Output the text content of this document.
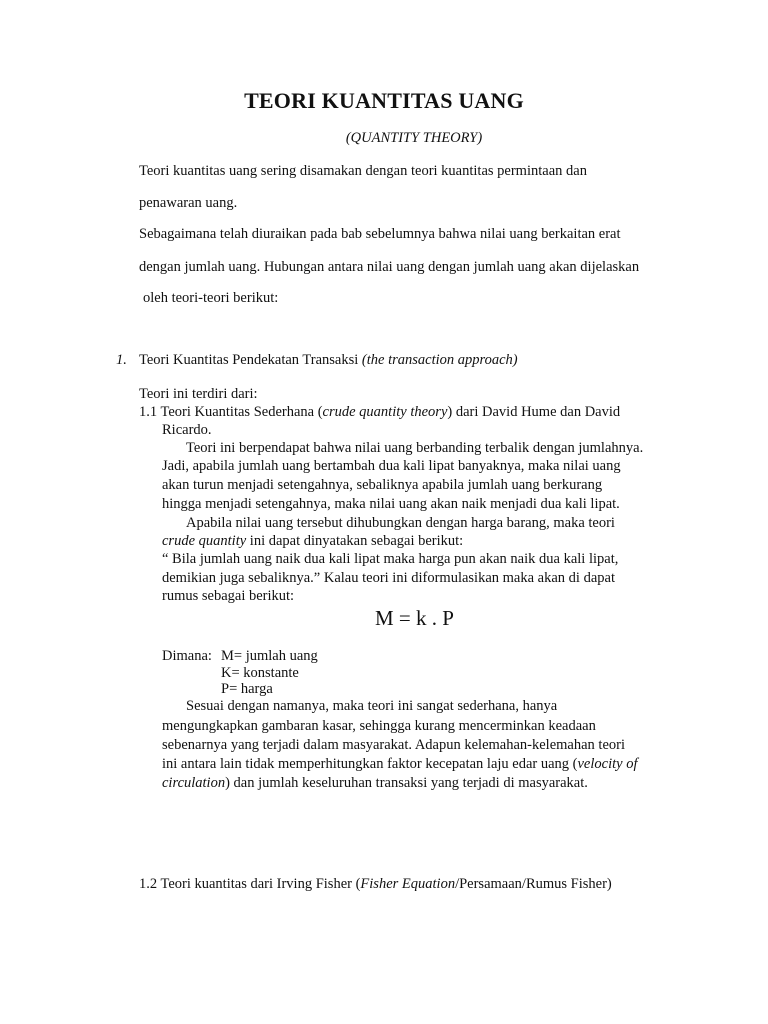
TEORI KUANTITAS UANG
(QUANTITY THEORY)
Teori kuantitas uang sering disamakan dengan teori kuantitas permintaan dan
penawaran uang.
Sebagaimana telah diuraikan pada bab sebelumnya bahwa nilai uang berkaitan erat
dengan jumlah uang. Hubungan antara nilai uang dengan jumlah uang akan dijelaskan
oleh teori-teori berikut:
1. Teori Kuantitas Pendekatan Transaksi (the transaction approach)
Teori ini terdiri dari:
1.1 Teori Kuantitas Sederhana (crude quantity theory) dari David Hume dan David
Ricardo.
Teori ini berpendapat bahwa nilai uang berbanding terbalik dengan jumlahnya.
Jadi, apabila jumlah uang bertambah dua kali lipat banyaknya, maka nilai uang
akan turun menjadi setengahnya, sebaliknya apabila jumlah uang berkurang
hingga menjadi setengahnya, maka nilai uang akan naik menjadi dua kali lipat.
Apabila nilai uang tersebut dihubungkan dengan harga barang, maka teori
crude quantity ini dapat dinyatakan sebagai berikut:
“ Bila jumlah uang naik dua kali lipat maka harga pun akan naik dua kali lipat,
demikian juga sebaliknya.” Kalau teori ini diformulasikan maka akan di dapat
rumus sebagai berikut:
M = k . P
Dimana: M= jumlah uang
K= konstante
P= harga
Sesuai dengan namanya, maka teori ini sangat sederhana, hanya
mengungkapkan gambaran kasar, sehingga kurang mencerminkan keadaan
sebenarnya yang terjadi dalam masyarakat. Adapun kelemahan-kelemahan teori
ini antara lain tidak memperhitungkan faktor kecepatan laju edar uang (velocity of
circulation) dan jumlah keseluruhan transaksi yang terjadi di masyarakat.
1.2 Teori kuantitas dari Irving Fisher (Fisher Equation/Persamaan/Rumus Fisher)
